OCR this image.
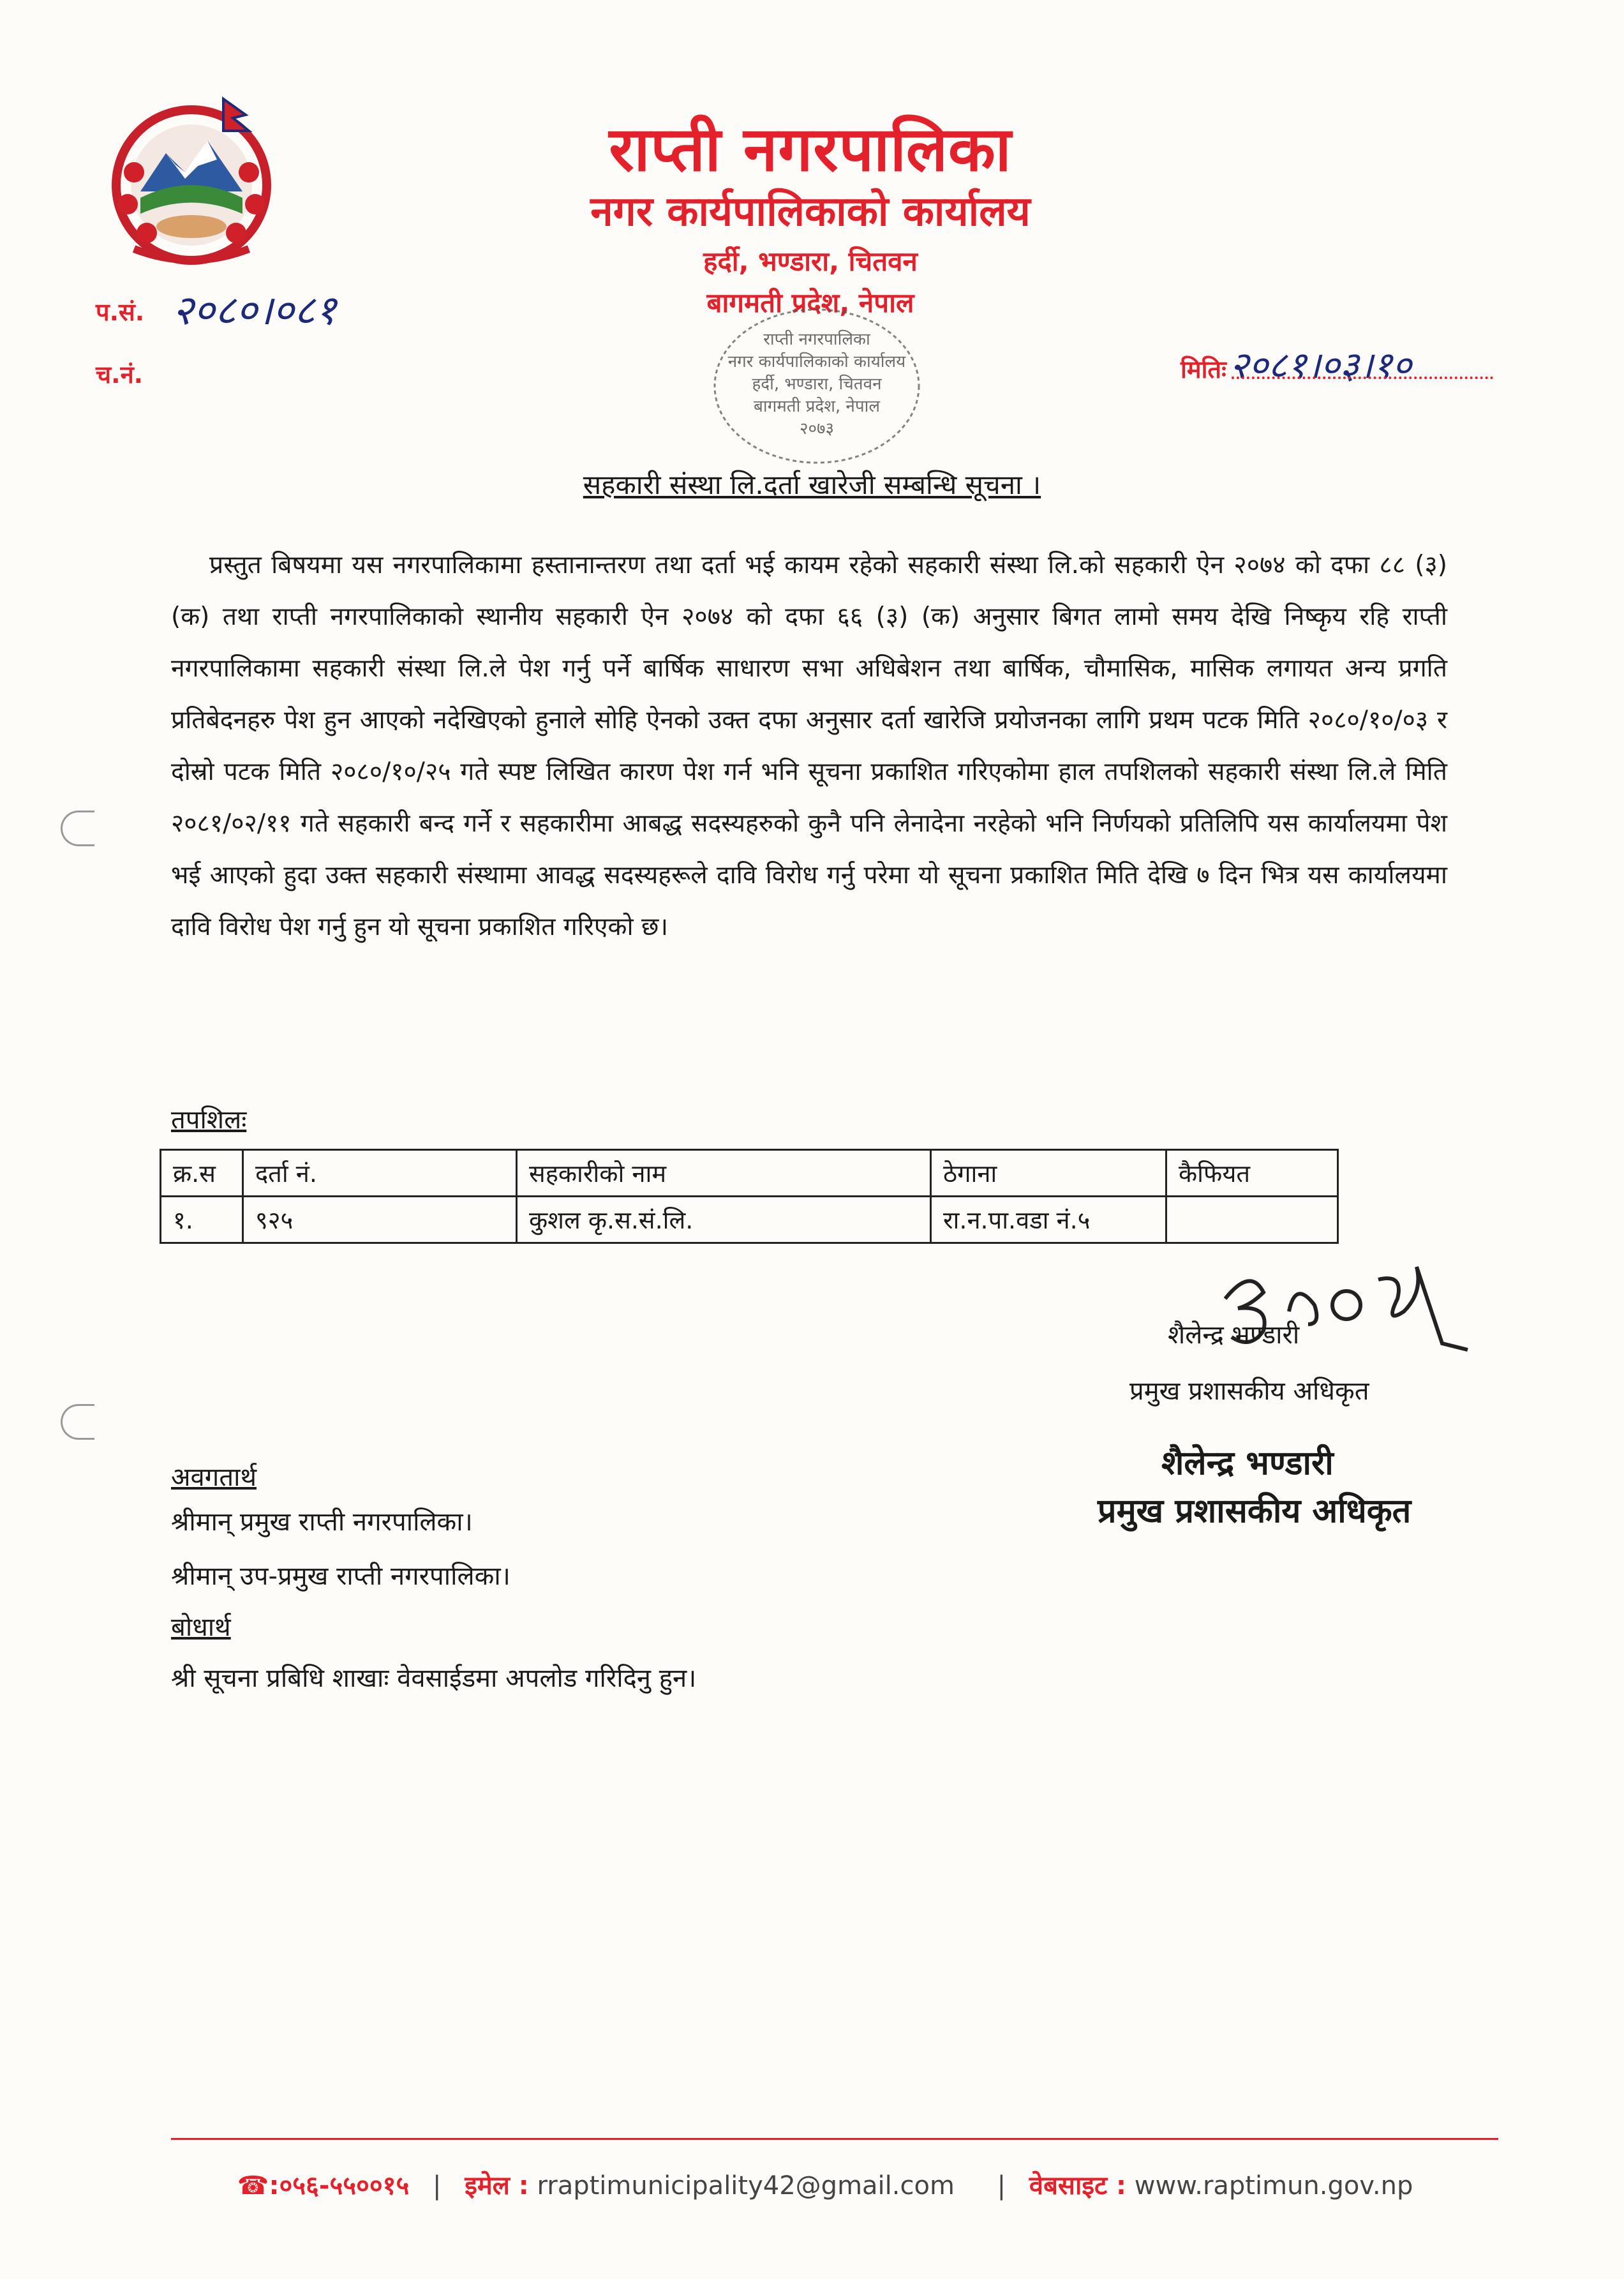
राप्ती नगरपालिका
नगर कार्यपालिकाको कार्यालय
हर्दी, भण्डारा, चितवन
बागमती प्रदेश, नेपाल
राप्ती नगरपालिका
नगर कार्यपालिकाको कार्यालय
हर्दी, भण्डारा, चितवन
बागमती प्रदेश, नेपाल
२०७३
प.सं. २०८०।०८१
च.नं.	मितिः २०८१।०३।१०
सहकारी संस्था लि.दर्ता खारेजी सम्बन्धि सूचना ।

प्रस्तुत बिषयमा यस नगरपालिकामा हस्तानान्तरण तथा दर्ता भई कायम रहेको सहकारी संस्था लि.को सहकारी ऐन २०७४ को दफा ८८ (३)(क) तथा राप्ती नगरपालिकाको स्थानीय सहकारी ऐन २०७४ को दफा ६६ (३) (क) अनुसार बिगत लामो समय देखि निष्कृय रहि राप्ती नगरपालिकामा सहकारी संस्था लि.ले पेश गर्नु पर्ने बार्षिक साधारण सभा अधिबेशन तथा बार्षिक, चौमासिक, मासिक लगायत अन्य प्रगति प्रतिबेदनहरु पेश हुन आएको नदेखिएको हुनाले सोहि ऐनको उक्त दफा अनुसार दर्ता खारेजि प्रयोजनका लागि प्रथम पटक मिति २०८०/१०/०३ र दोस्रो पटक मिति २०८०/१०/२५ गते स्पष्ट लिखित कारण पेश गर्न भनि सूचना प्रकाशित गरिएकोमा हाल तपशिलको सहकारी संस्था लि.ले मिति २०८१/०२/११ गते सहकारी बन्द गर्ने र सहकारीमा आबद्ध सदस्यहरुको कुनै पनि लेनादेना नरहेको भनि निर्णयको प्रतिलिपि यस कार्यालयमा पेश भई आएको हुदा उक्त सहकारी संस्थामा आवद्ध सदस्यहरूले दावि विरोध गर्नु परेमा यो सूचना प्रकाशित मिति देखि ७ दिन भित्र यस कार्यालयमा दावि विरोध पेश गर्नु हुन यो सूचना प्रकाशित गरिएको छ।

तपशिलः
क्र.स	दर्ता नं.	सहकारीको नाम	ठेगाना	कैफियत
१.	९२५	कुशल कृ.स.सं.लि.	रा.न.पा.वडा नं.५	
शैलेन्द्र भण्डारी
प्रमुख प्रशासकीय अधिकृत
शैलेन्द्र भण्डारी
प्रमुख प्रशासकीय अधिकृत
अवगतार्थ
श्रीमान् प्रमुख राप्ती नगरपालिका।
श्रीमान् उप-प्रमुख राप्ती नगरपालिका।
बोधार्थ
श्री सूचना प्रबिधि शाखाः वेवसाईडमा अपलोड गरिदिनु हुन।
☎:०५६-५५००१५ | इमेल : rraptimunicipality42@gmail.com | वेबसाइट : www.raptimun.gov.np
